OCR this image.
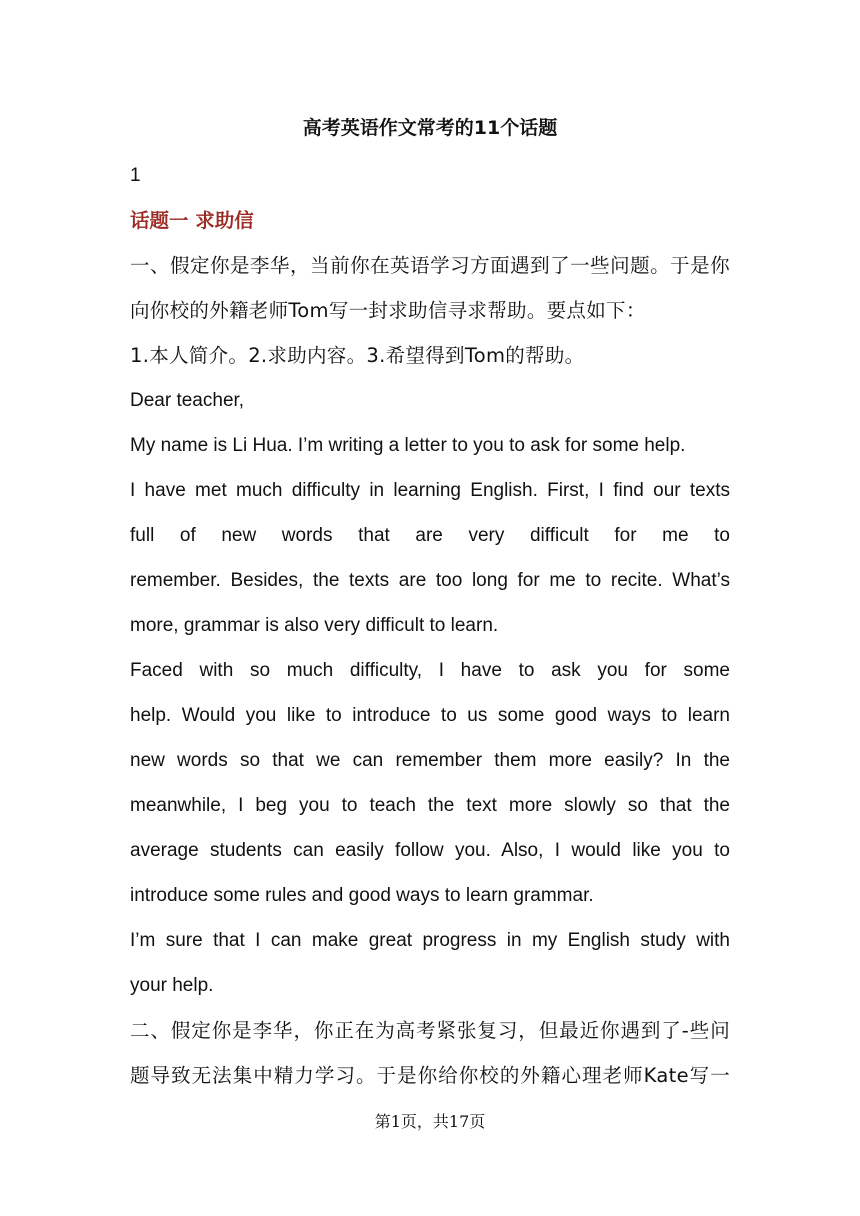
高考英语作文常考的11个话题
1
话题一 求助信
一、假定你是李华，当前你在英语学习方面遇到了一些问题。于是你
向你校的外籍老师Tom写一封求助信寻求帮助。要点如下：
1.本人简介。2.求助内容。3.希望得到Tom的帮助。
Dear teacher,
My name is Li Hua. I’m writing a letter to you to ask for some help.
I have met much difficulty in learning English. First, I find our texts
full of new words that are very difficult for me to
remember. Besides, the texts are too long for me to recite. What’s
more, grammar is also very difficult to learn.
Faced with so much difficulty, I have to ask you for some
help. Would you like to introduce to us some good ways to learn
new words so that we can remember them more easily? In the
meanwhile, I beg you to teach the text more slowly so that the
average students can easily follow you. Also, I would like you to
introduce some rules and good ways to learn grammar.
I’m sure that I can make great progress in my English study with
your help.
二、假定你是李华，你正在为高考紧张复习，但最近你遇到了-些问
题导致无法集中精力学习。于是你给你校的外籍心理老师Kate写一
第1页，共17页
